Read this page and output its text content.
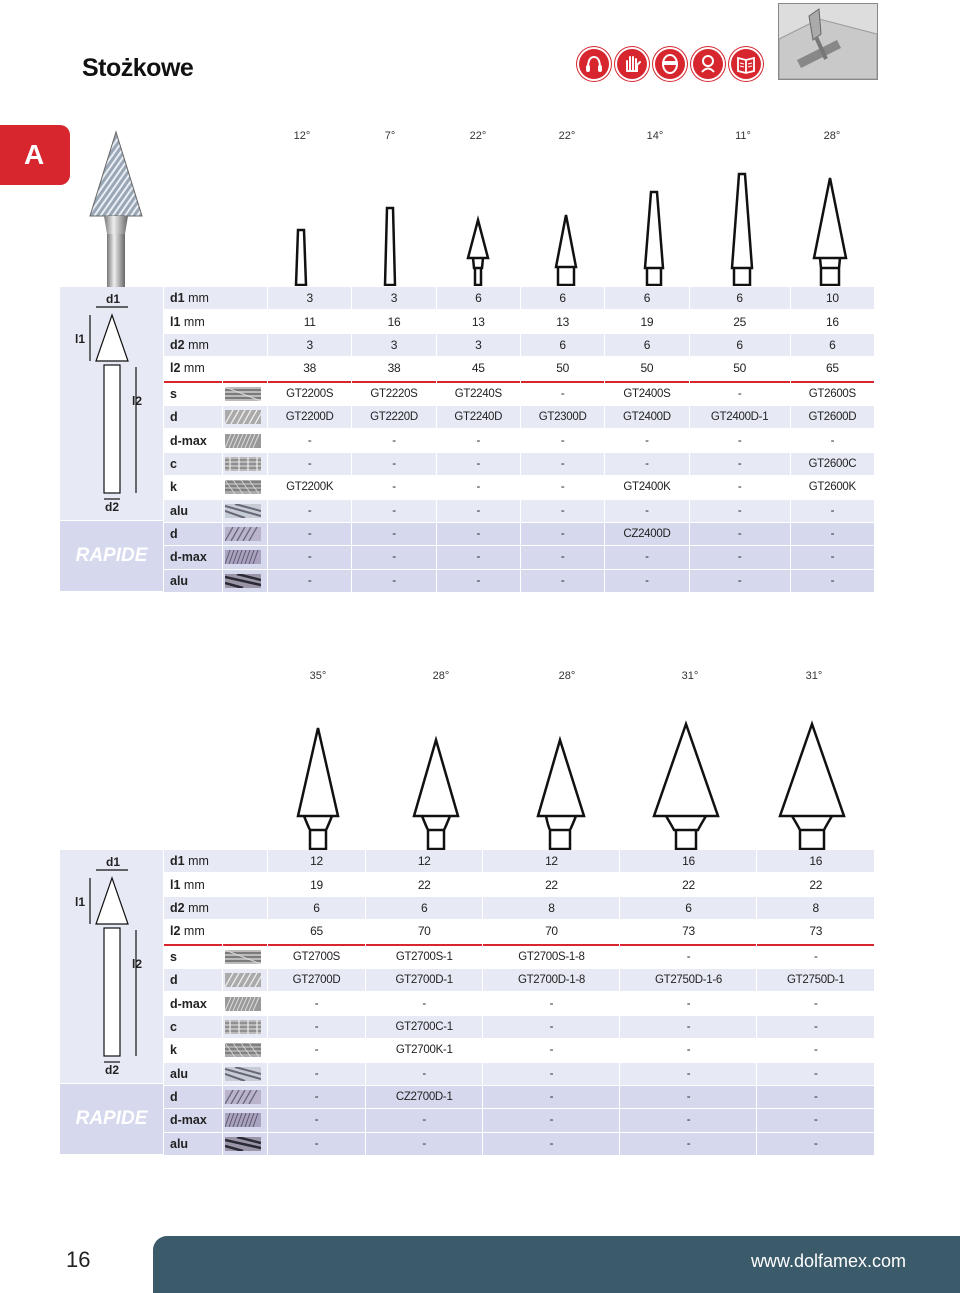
Stożkowe
A
12°	7°	22°	22°	14°	11°	28°
d1
l1
l2
d2
RAPIDE
d1 mm		3	3	6	6	6	6	10
l1 mm		11	16	13	13	19	25	16
d2 mm		3	3	3	6	6	6	6
l2 mm		38	38	45	50	50	50	65
s		GT2200S	GT2220S	GT2240S	-	GT2400S	-	GT2600S
d		GT2200D	GT2220D	GT2240D	GT2300D	GT2400D	GT2400D-1	GT2600D
d-max		-	-	-	-	-	-	-
c		-	-	-	-	-	-	GT2600C
k		GT2200K	-	-	-	GT2400K	-	GT2600K
alu		-	-	-	-	-	-	-
d		-	-	-	-	CZ2400D	-	-
d-max		-	-	-	-	-	-	-
alu		-	-	-	-	-	-	-
35°	28°	28°	31°	31°
d1
l1
l2
d2
RAPIDE
d1 mm		12	12	12	16	16
l1 mm		19	22	22	22	22
d2 mm		6	6	8	6	8
l2 mm		65	70	70	73	73
s		GT2700S	GT2700S-1	GT2700S-1-8	-	-
d		GT2700D	GT2700D-1	GT2700D-1-8	GT2750D-1-6	GT2750D-1
d-max		-	-	-	-	-
c		-	GT2700C-1	-	-	-
k		-	GT2700K-1	-	-	-
alu		-	-	-	-	-
d		-	CZ2700D-1	-	-	-
d-max		-	-	-	-	-
alu		-	-	-	-	-
16	www.dolfamex.com
